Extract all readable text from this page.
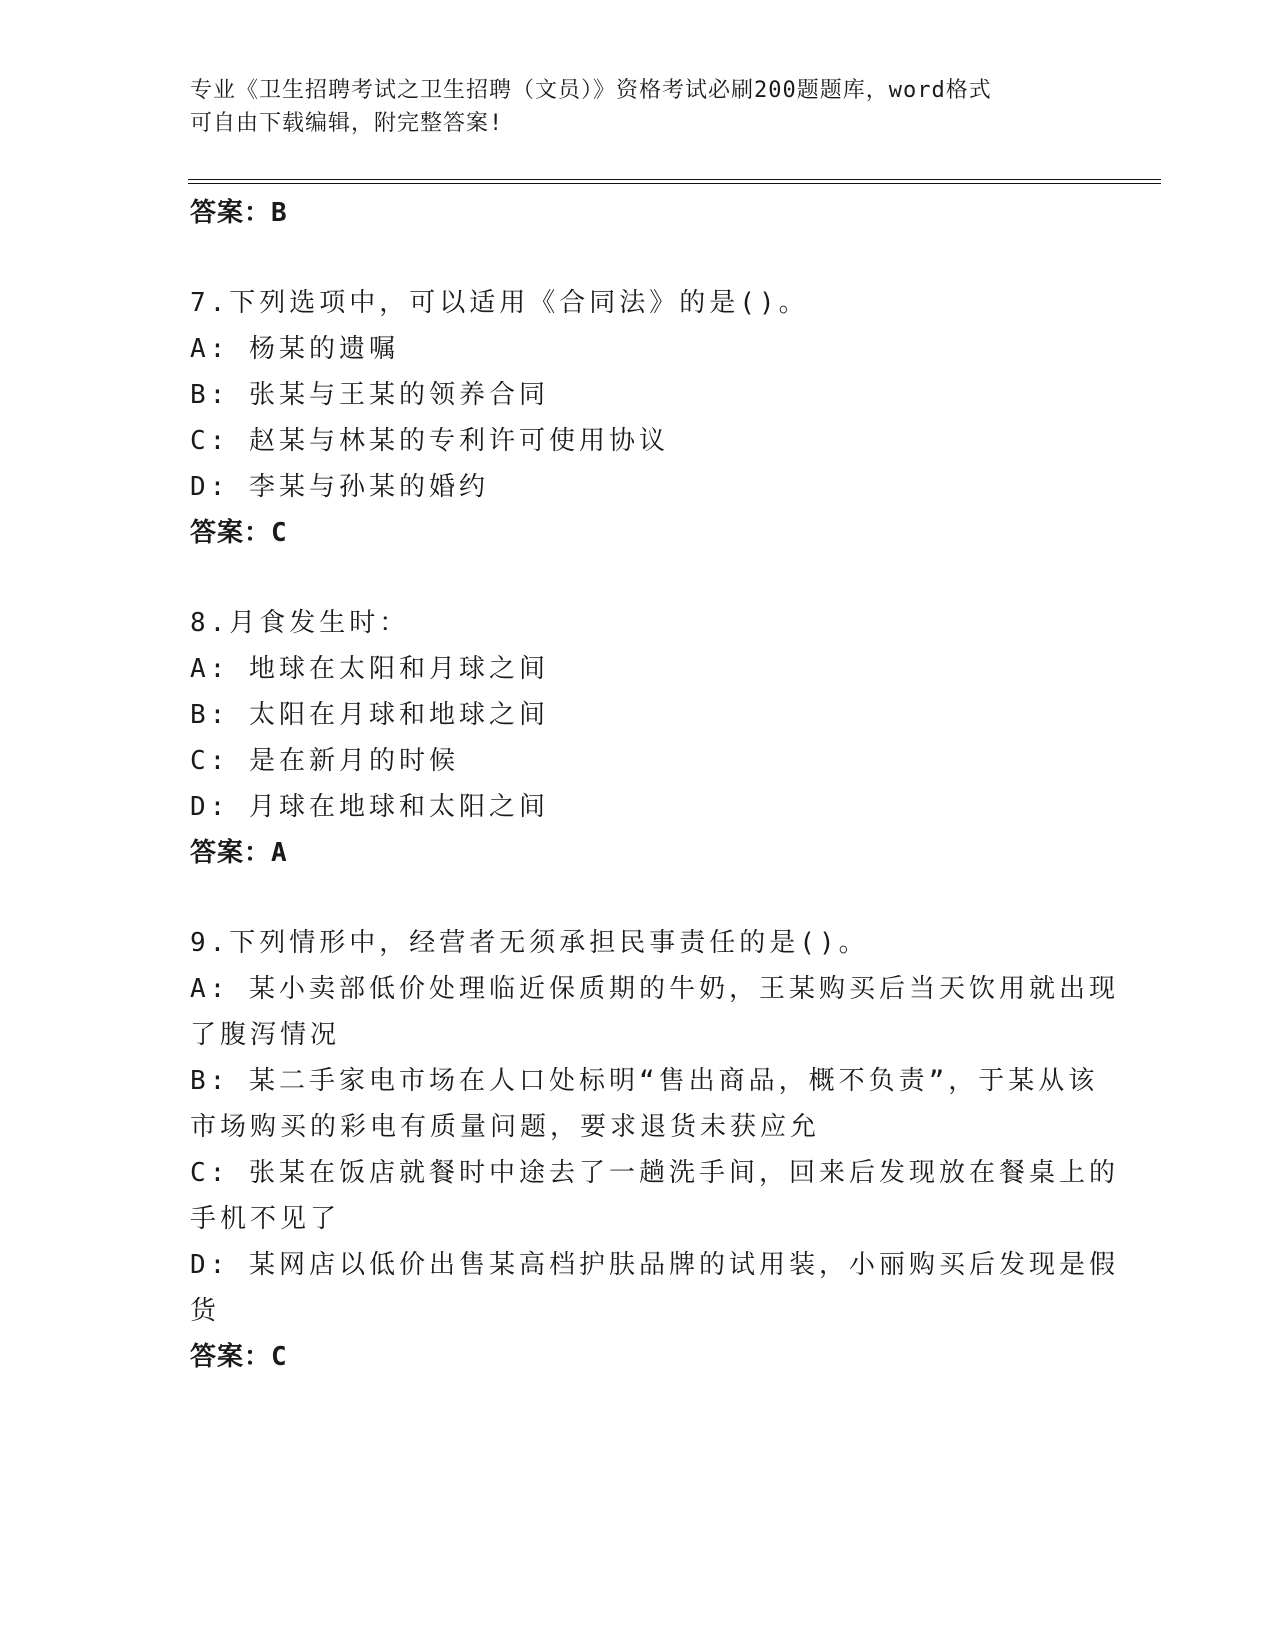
专业《卫生招聘考试之卫生招聘（文员）》资格考试必刷200题题库，word格式
可自由下载编辑，附完整答案!
答案：B
7.下列选项中，可以适用《合同法》的是()。
A: 杨某的遗嘱
B: 张某与王某的领养合同
C: 赵某与林某的专利许可使用协议
D: 李某与孙某的婚约
答案：C
8.月食发生时：
A: 地球在太阳和月球之间
B: 太阳在月球和地球之间
C: 是在新月的时候
D: 月球在地球和太阳之间
答案：A
9.下列情形中，经营者无须承担民事责任的是()。
A: 某小卖部低价处理临近保质期的牛奶，王某购买后当天饮用就出现
了腹泻情况
B: 某二手家电市场在人口处标明“售出商品，概不负责”，于某从该
市场购买的彩电有质量问题，要求退货未获应允
C: 张某在饭店就餐时中途去了一趟洗手间，回来后发现放在餐桌上的
手机不见了
D: 某网店以低价出售某高档护肤品牌的试用装，小丽购买后发现是假
货
答案：C
